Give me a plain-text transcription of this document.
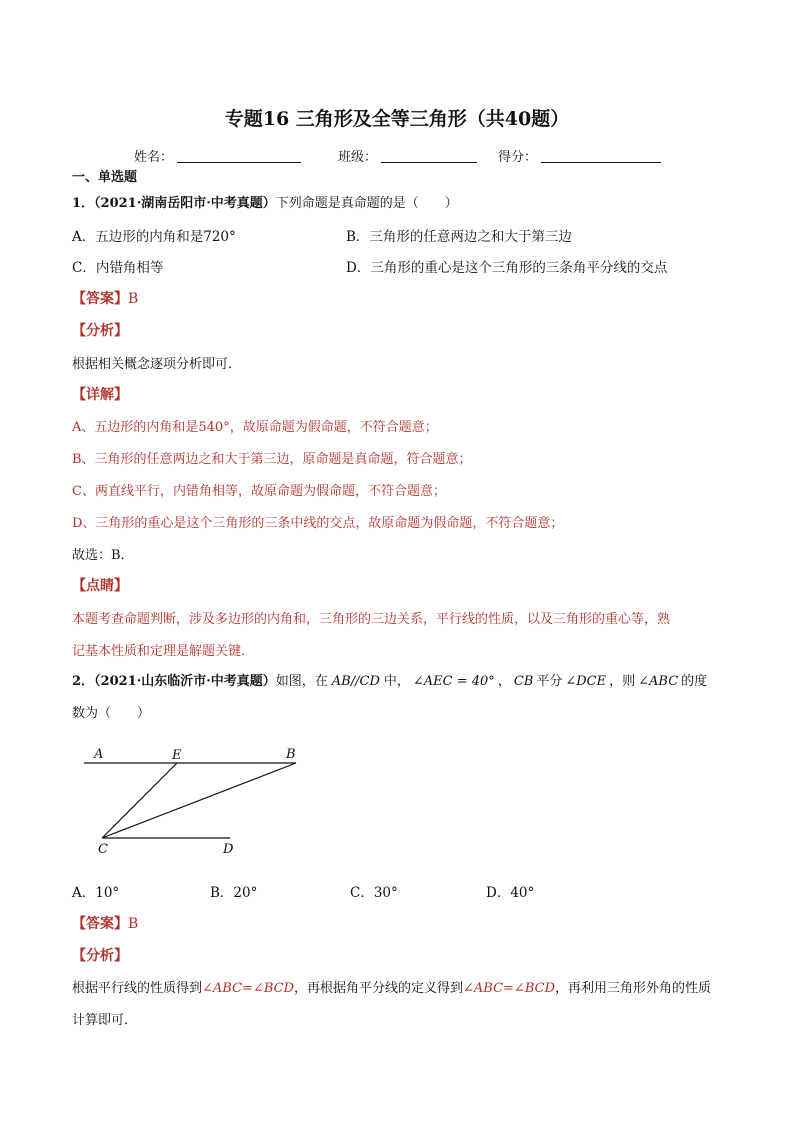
专题16 三角形及全等三角形（共40题）
姓名：	班级：	得分：
一、单选题
1．（2021·湖南岳阳市·中考真题）下列命题是真命题的是（　　）
A．五边形的内角和是720°	B．三角形的任意两边之和大于第三边
C．内错角相等	D．三角形的重心是这个三角形的三条角平分线的交点
【答案】B
【分析】
根据相关概念逐项分析即可．
【详解】
A、五边形的内角和是540°，故原命题为假命题，不符合题意；
B、三角形的任意两边之和大于第三边，原命题是真命题，符合题意；
C、两直线平行，内错角相等，故原命题为假命题，不符合题意；
D、三角形的重心是这个三角形的三条中线的交点，故原命题为假命题，不符合题意；
故选：B．
【点睛】
本题考查命题判断，涉及多边形的内角和，三角形的三边关系，平行线的性质，以及三角形的重心等，熟
记基本性质和定理是解题关键．
2．（2021·山东临沂市·中考真题）如图，在 AB//CD 中， ∠AEC = 40° ， CB 平分 ∠DCE ，则 ∠ABC 的度
数为（　　）
A	E	B
C	D
A．10°	B．20°	C．30°	D．40°
【答案】B
【分析】
根据平行线的性质得到∠ABC=∠BCD，再根据角平分线的定义得到∠ABC=∠BCD，再利用三角形外角的性质
计算即可．
